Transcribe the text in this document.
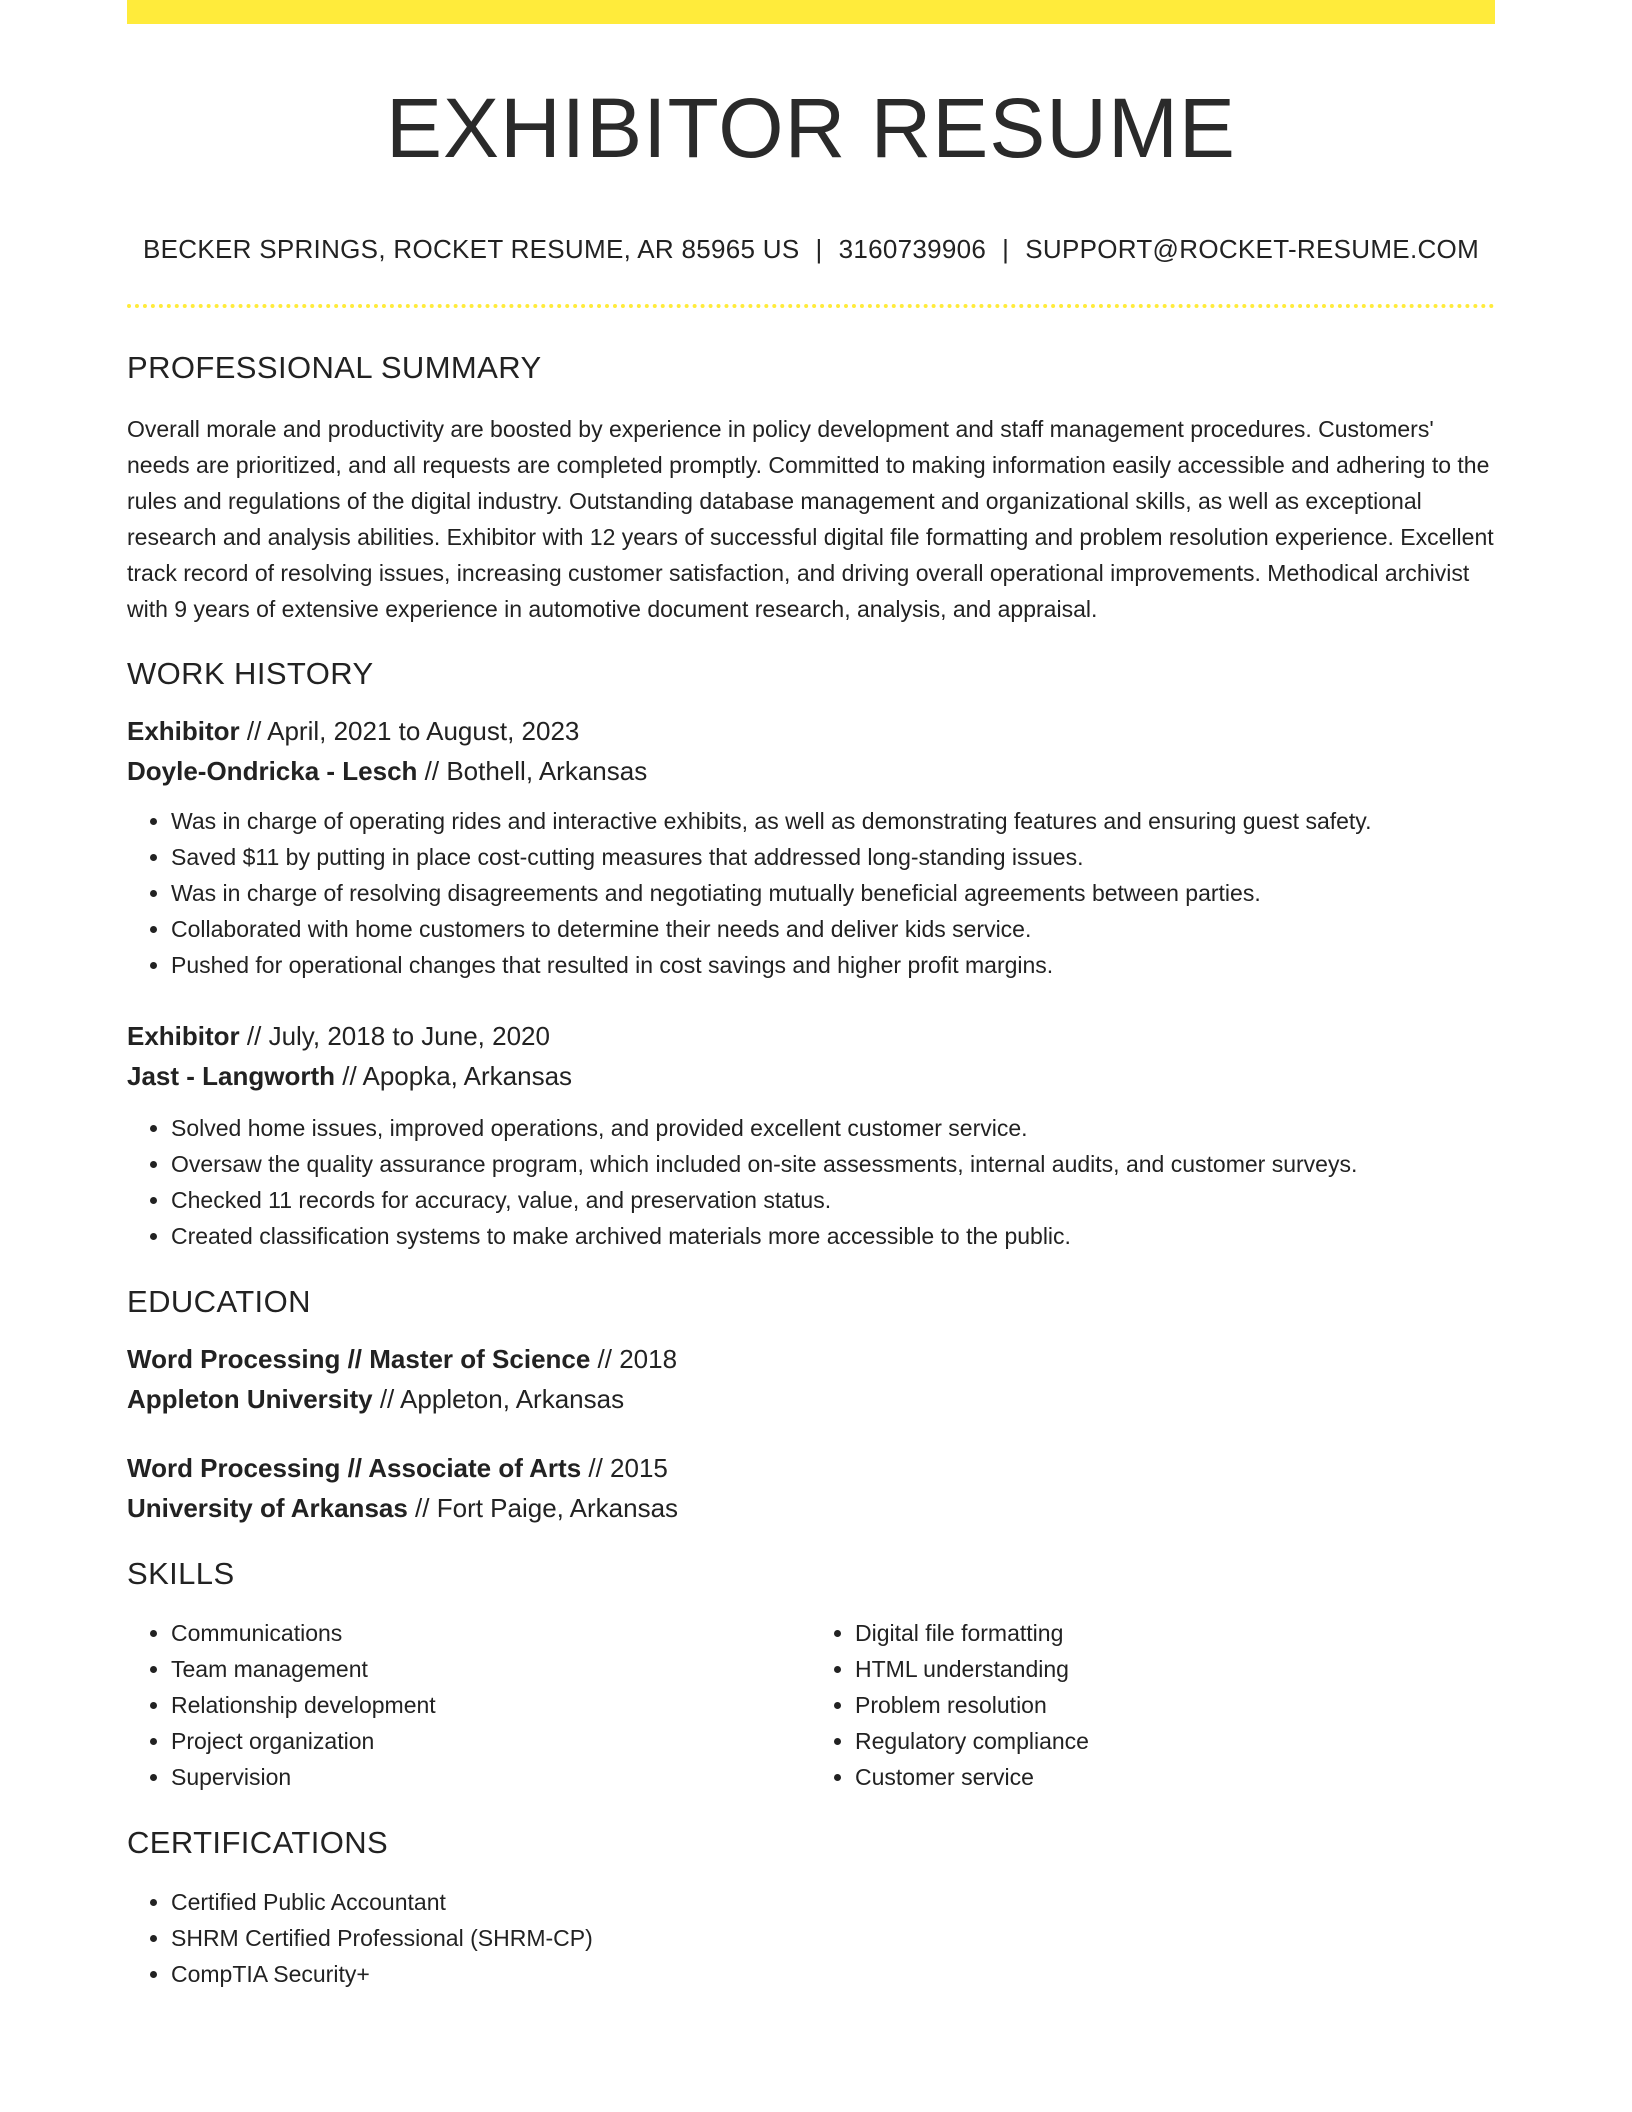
EXHIBITOR RESUME
BECKER SPRINGS, ROCKET RESUME, AR 85965 US | 3160739906 | SUPPORT@ROCKET-RESUME.COM
PROFESSIONAL SUMMARY

Overall morale and productivity are boosted by experience in policy development and staff management procedures. Customers' needs are prioritized, and all requests are completed promptly. Committed to making information easily accessible and adhering to the rules and regulations of the digital industry. Outstanding database management and organizational skills, as well as exceptional research and analysis abilities. Exhibitor with 12 years of successful digital file formatting and problem resolution experience. Excellent track record of resolving issues, increasing customer satisfaction, and driving overall operational improvements. Methodical archivist with 9 years of extensive experience in automotive document research, analysis, and appraisal.

WORK HISTORY
Exhibitor // April, 2021 to August, 2023
Doyle-Ondricka - Lesch // Bothell, Arkansas
• Was in charge of operating rides and interactive exhibits, as well as demonstrating features and ensuring guest safety.
• Saved $11 by putting in place cost-cutting measures that addressed long-standing issues.
• Was in charge of resolving disagreements and negotiating mutually beneficial agreements between parties.
• Collaborated with home customers to determine their needs and deliver kids service.
• Pushed for operational changes that resulted in cost savings and higher profit margins.
Exhibitor // July, 2018 to June, 2020
Jast - Langworth // Apopka, Arkansas
• Solved home issues, improved operations, and provided excellent customer service.
• Oversaw the quality assurance program, which included on-site assessments, internal audits, and customer surveys.
• Checked 11 records for accuracy, value, and preservation status.
• Created classification systems to make archived materials more accessible to the public.
EDUCATION
Word Processing // Master of Science // 2018
Appleton University // Appleton, Arkansas
Word Processing // Associate of Arts // 2015
University of Arkansas // Fort Paige, Arkansas
SKILLS
• Communications
• Team management
• Relationship development
• Project organization
• Supervision
• Digital file formatting
• HTML understanding
• Problem resolution
• Regulatory compliance
• Customer service
CERTIFICATIONS
• Certified Public Accountant
• SHRM Certified Professional (SHRM-CP)
• CompTIA Security+
